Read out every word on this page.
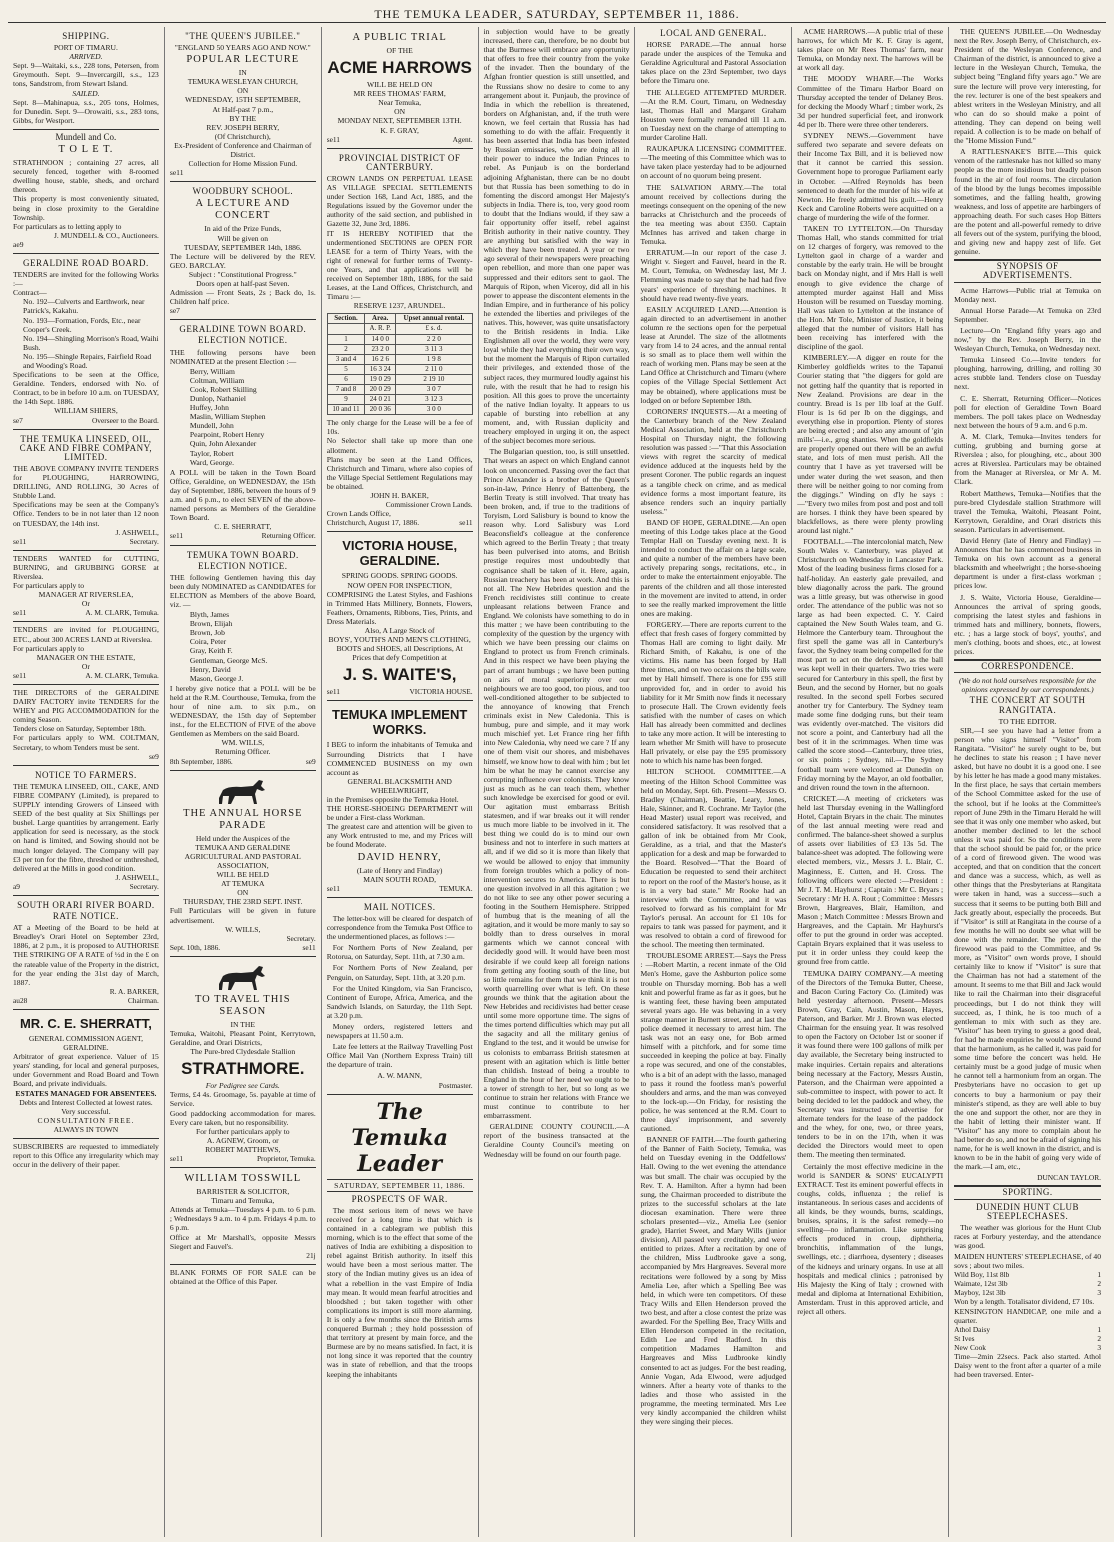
THE TEMUKA LEADER, SATURDAY, SEPTEMBER 11, 1886.
SHIPPING.
PORT OF TIMARU.
ARRIVED.
Sept. 9—Waitaki, s.s., 228 tons, Petersen, from Greymouth. Sept. 9—Invercargill, s.s., 123 tons, Sandstrom, from Stewart Island.
SAILED.
Sept. 8—Mahinapua, s.s., 205 tons, Holmes, for Dunedin. Sept. 9—Orowaiti, s.s., 283 tons, Gibbs, for Westport.
Mundell and Co.
T O L E T.
STRATHNOON ; containing 27 acres, all securely fenced, together with 8-roomed dwelling house, stable, sheds, and orchard thereon.
This property is most conveniently situated, being in close proximity to the Geraldine Township.
For particulars as to letting apply to
J. MUNDELL & CO., Auctioneers.
ae9
GERALDINE ROAD BOARD.
TENDERS are invited for the following Works :—
Contract—
No. 192—Culverts and Earthwork, near Patrick's, Kakahu.
No. 193—Formation, Fords, Etc., near Cooper's Creek.
No. 194—Shingling Morrison's Road, Waihi Bush.
No. 195—Shingle Repairs, Fairfield Road and Wooding's Road.
Specifications to be seen at the Office, Geraldine. Tenders, endorsed with No. of Contract, to be in before 10 a.m. on TUESDAY, the 14th Sept. 1886.
WILLIAM SHIERS,
se7	Overseer to the Board.
THE TEMUKA LINSEED, OIL, CAKE AND FIBRE COMPANY, LIMITED.
THE ABOVE COMPANY INVITE TENDERS for PLOUGHING, HARROWING, DRILLING, AND ROLLING, 30 Acres of Stubble Land.
Specifications may be seen at the Company's Office. Tenders to be in not later than 12 noon on TUESDAY, the 14th inst.
J. ASHWELL,
se11	Secretary.
TENDERS WANTED for CUTTING, BURNING, and GRUBBING GORSE at Riverslea.
For particulars apply to
MANAGER AT RIVERSLEA,
Or
se11	A. M. CLARK, Temuka.
TENDERS are invited for PLOUGHING, ETC., about 300 ACRES LAND at Riverslea.
For particulars apply to
MANAGER ON THE ESTATE,
Or
se11	A. M. CLARK, Temuka.
THE DIRECTORS of the GERALDINE DAIRY FACTORY invite TENDERS for the WHEY and PIG ACCOMMODATION for the coming Season.
Tenders close on Saturday, September 18th.
For particulars apply to WM. COLTMAN, Secretary, to whom Tenders must be sent.
se9
NOTICE TO FARMERS.
THE TEMUKA LINSEED, OIL, CAKE, AND FIBRE COMPANY (Limited), is prepared to SUPPLY intending Growers of Linseed with SEED of the best quality at Six Shillings per bushel. Large quantities by arrangement. Early application for seed is necessary, as the stock on hand is limited, and Sowing should not be much longer delayed. The Company will pay £3 per ton for the fibre, threshed or unthreshed, delivered at the Mills in good condition.
J. ASHWELL,
a9	Secretary.
SOUTH ORARI RIVER BOARD.
RATE NOTICE.
AT a Meeting of the Board to be held at Breadley's Orari Hotel on September 23rd, 1886, at 2 p.m., it is proposed to AUTHORISE THE STRIKING OF A RATE of ½d in the £ on the rateable value of the Property in the district, for the year ending the 31st day of March, 1887.
R. A. BARKER,
au28	Chairman.
MR. C. E. SHERRATT,
GENERAL COMMISSION AGENT, GERALDINE.
Arbitrator of great experience. Valuer of 15 years' standing, for local and general purposes, under Government and Road Board and Town Board, and private individuals.
ESTATES MANAGED FOR ABSENTEES.
Debts and Interest Collected at lowest rates. Very successful.
CONSULTATION FREE.
ALWAYS IN TOWN
SUBSCRIBERS are requested to immediately report to this Office any irregularity which may occur in the delivery of their paper.
"THE QUEEN'S JUBILEE."
"ENGLAND 50 YEARS AGO AND NOW."
POPULAR LECTURE
IN
TEMUKA WESLEYAN CHURCH,
ON
WEDNESDAY, 15TH SEPTEMBER,
At Half-past 7 p.m.,
BY THE
REV. JOSEPH BERRY,
(Of Christchurch),
Ex-President of Conference and Chairman of District.
Collection for Home Mission Fund.
se11
WOODBURY SCHOOL.
A LECTURE AND CONCERT
In aid of the Prize Funds,
Will be given on
TUESDAY, SEPTEMBER 14th, 1886.
The Lecture will be delivered by the REV. GEO. BARCLAY.
Subject : "Constitutional Progress."
Doors open at half-past Seven.
Admission — Front Seats, 2s ; Back do, 1s. Children half price.
se7
GERALDINE TOWN BOARD.
ELECTION NOTICE.
THE following persons have been NOMINATED at the present Election :—
Berry, William
Coltman, William
Cook, Robert Skilling
Dunlop, Nathaniel
Huffey, John
Maslin, William Stephen
Mundell, John
Pearpoint, Robert Henry
Quin, John Alexander
Taylor, Robert
Ward, George.
A POLL will be taken in the Town Board Office, Geraldine, on WEDNESDAY, the 15th day of September, 1886, between the hours of 9 a.m. and 6 p.m., to elect SEVEN of the above-named persons as Members of the Geraldine Town Board.
C. E. SHERRATT,
se11	Returning Officer.
TEMUKA TOWN BOARD.
ELECTION NOTICE.
THE following Gentlemen having this day been duly NOMINATED as CANDIDATES for ELECTION as Members of the above Board, viz. —
Blyth, James
Brown, Elijah
Brown, Job
Coira, Peter
Gray, Keith F.
Gentleman, George McS.
Henry, David
Mason, George J.
I hereby give notice that a POLL will be be held at the R.M. Courthouse, Temuka, from the hour of nine a.m. to six p.m., on WEDNESDAY, the 15th day of September inst., for the ELECTION of FIVE of the above Gentlemen as Members on the said Board.
WM. WILLS,
Returning Officer.
8th September, 1886.	se9
THE ANNUAL HORSE PARADE
Held under the Auspices of the
TEMUKA AND GERALDINE AGRICULTURAL AND PASTORAL ASSOCIATION,
WILL BE HELD
AT TEMUKA
ON
THURSDAY, THE 23RD SEPT. INST.
Full Particulars will be given in future advertisement.
W. WILLS,
Secretary.
Sept. 10th, 1886.	se11
TO TRAVEL THIS SEASON
IN THE
Temuka, Waitohi, Pleasant Point, Kerrytown, Geraldine, and Orari Districts,
The Pure-bred Clydesdale Stallion
STRATHMORE.
For Pedigree see Cards.
Terms, £4 4s. Groomage, 5s. payable at time of Service.
Good paddocking accommodation for mares. Every care taken, but no responsibility.
For further particulars apply to
A. AGNEW, Groom, or
ROBERT MATTHEWS,
se11	Proprietor, Temuka.
WILLIAM TOSSWILL
BARRISTER & SOLICITOR,
Timaru and Temuka,
Attends at Temuka—Tuesdays 4 p.m. to 6 p.m. ; Wednesdays 9 a.m. to 4 p.m. Fridays 4 p.m. to 6 p.m.
Office at Mr Marshall's, opposite Messrs Siegert and Fauvel's.
21j
BLANK FORMS OF FOR SALE can be obtained at the Office of this Paper.
A PUBLIC TRIAL
OF THE
ACME HARROWS
WILL BE HELD ON
MR REES THOMAS' FARM,
Near Temuka,
ON
MONDAY NEXT, SEPTEMBER 13TH.
K. F. GRAY,
se11	Agent.
PROVINCIAL DISTRICT OF CANTERBURY.
CROWN LANDS ON PERPETUAL LEASE AS VILLAGE SPECIAL SETTLEMENTS under Section 168, Land Act, 1885, and the Regulations issued by the Governor under the authority of the said section, and published in Gazette 32, June 3rd, 1886.
IT IS HEREBY NOTIFIED that the undermentioned SECTIONS are OPEN FOR LEASE for a term of Thirty Years, with the right of renewal for further terms of Twenty-one Years, and that applications will be received on September 18th, 1886, for the said Leases, at the Land Offices, Christchurch, and Timaru :—
RESERVE 1237, ARUNDEL.
Section.	Area.	Upset annual rental.
	A. R. P.	£ s. d.
1	14 0 0	2 2 0
2	23 2 0	3 11 3
3 and 4	16 2 6	1 9 8
5	16 3 24	2 11 0
6	19 0 29	2 19 10
7 and 8	20 0 29	3 0 7
9	24 0 21	3 12 3
10 and 11	20 0 36	3 0 0
The only charge for the Lease will be a fee of 10s.
No Selector shall take up more than one allotment.
Plans may be seen at the Land Offices, Christchurch and Timaru, where also copies of the Village Special Settlement Regulations may be obtained.
JOHN H. BAKER,
Commissioner Crown Lands.
Crown Lands Office,
Christchurch, August 17, 1886.	se11
VICTORIA HOUSE, GERALDINE.
SPRING GOODS. SPRING GOODS.
NOW OPEN FOR INSPECTION,
COMPRISING the Latest Styles, and Fashions in Trimmed Hats Millinery, Bonnets, Flowers, Feathers, Ornaments, Ribbons, Ties, Prints, and Dress Materials.
Also, A Large Stock of
BOYS', YOUTH'S AND MEN'S CLOTHING,
BOOTS and SHOES, all Descriptions, At Prices that defy Competition at
J. S. WAITE'S,
se11	VICTORIA HOUSE.
TEMUKA IMPLEMENT WORKS.
I BEG to inform the inhabitants of Temuka and Surrounding Districts that I have COMMENCED BUSINESS on my own account as
GENERAL BLACKSMITH AND WHEELWRIGHT,
in the Premises opposite the Temuka Hotel.
THE HORSE-SHOEING DEPARTMENT will be under a First-class Workman.
The greatest care and attention will be given to any Work entrusted to me, and my Prices will be found Moderate.
DAVID HENRY,
(Late of Henry and Findlay)
MAIN SOUTH ROAD,
se11	TEMUKA.
MAIL NOTICES.

The letter-box will be cleared for despatch of correspondence from the Temuka Post Office to the undermentioned places, as follows :—

For Northern Ports of New Zealand, per Rotorua, on Saturday, Sept. 11th, at 7.30 a.m.

For Northern Ports of New Zealand, per Penguin, on Saturday, Sept. 11th, at 3.20 p.m.

For the United Kingdom, via San Francisco, Continent of Europe, Africa, America, and the Sandwich Islands, on Saturday, the 11th Sept. at 3.20 p.m.

Money orders, registered letters and newspapers at 11.50 a.m.

Late fee letters at the Railway Travelling Post Office Mail Van (Northern Express Train) till the departure of train.

A. W. MANN,
Postmaster.
The Temuka Leader
SATURDAY, SEPTEMBER 11, 1886.
PROSPECTS OF WAR.

The most serious item of news we have received for a long time is that which is contained in a cablegram we publish this morning, which is to the effect that some of the natives of India are exhibiting a disposition to rebel against British authority. In itself this would have been a most serious matter. The story of the Indian mutiny gives us an idea of what a rebellion in the vast Empire of India may mean. It would mean fearful atrocities and bloodshed ; but taken together with other complications its import is still more alarming. It is only a few months since the British arms conquered Burmah ; they hold possession of that territory at present by main force, and the Burmese are by no means satisfied. In fact, it is not long since it was reported that the country was in state of rebellion, and that the troops keeping the inhabitants

in subjection would have to be greatly increased, there can, therefore, be no doubt but that the Burmese will embrace any opportunity that offers to free their country from the yoke of the invader. Then the boundary of the Afghan frontier question is still unsettled, and the Russians show no desire to come to any arrangement about it. Punjaub, the province of India in which the rebellion is threatened, borders on Afghanistan, and, if the truth were known, we feel certain that Russia has had something to do with the affair. Frequently it has been asserted that India has been infested by Russian emissaries, who are doing all in their power to induce the Indian Princes to rebel. As Punjaub is on the borderland adjoining Afghanistan, there can be no doubt but that Russia has been something to do in fomenting the discord amongst Her Majesty's subjects in India. There is, too, very good room to doubt that the Indians would, if they saw a fair opportunity offer itself, rebel against British authority in their native country. They are anything but satisfied with the way in which they have been treated. A year or two ago several of their newspapers were preaching open rebellion, and more than one paper was suppressed and their editors sent to gaol. The Marquis of Ripon, when Viceroy, did all in his power to appease the discontent elements in the Indian Empire, and in furtherance of his policy he extended the liberties and privileges of the natives. This, however, was quite unsatisfactory to the British residents in India. Like Englishmen all over the world, they were very loyal while they had everything their own way, but the moment the Marquis of Ripon curtailed their privileges, and extended those of the subject races, they murmured loudly against his rule, with the result that he had to resign his position. All this goes to prove the uncertainty of the native Indian loyalty. It appears to us capable of bursting into rebellion at any moment, and, with Russian duplicity and treachery employed in urging it on, the aspect of the subject becomes more serious.

The Bulgarian question, too, is still unsettled. That wears an aspect on which England cannot look on unconcerned. Passing over the fact that Prince Alexander is a brother of the Queen's son-in-law, Prince Henry of Battenberg, the Berlin Treaty is still involved. That treaty has been broken, and, if true to the traditions of Toryism, Lord Salisbury is bound to know the reason why. Lord Salisbury was Lord Beaconsfield's colleague at the conference which agreed to the Berlin Treaty ; that treaty has been pulverised into atoms, and British prestige requires most undoubtedly that cognisance shall be taken of it. Here, again, Russian treachery has been at work. And this is not all. The New Hebrides question and the French recidivistes still continue to create unpleasant relations between France and England. We colonists have something to do in this matter ; we have been contributing to the complexity of the question by the urgency with which we have been pressing our claims on England to protect us from French criminals. And in this respect we have been playing the part of arrant humbugs ; we have been putting on airs of moral superiority over our neighbours we are too good, too pious, and too well-conditioned altogether to be subjected to the annoyance of knowing that French criminals exist in New Caledonia. This is humbug, pure and simple, and it may work much mischief yet. Let France ring her fifth into New Caledonia, why need we care ? If any one of them visit our shores, and misbehaves himself, we know how to deal with him ; but let him be what he may he cannot exercise any corrupting influence over colonists. They know just as much as he can teach them, whether such knowledge be exercised for good or evil. Our agitation must embarrass British statesmen, and if war breaks out it will render us much more liable to be involved in it. The best thing we could do is to mind our own business and not to interfere in such matters at all, and if we did so it is more than likely that we would be allowed to enjoy that immunity from foreign troubles which a policy of non-intervention secures to America. There is but one question involved in all this agitation ; we do not like to see any other power securing a footing in the Southern Hemisphere. Stripped of humbug that is the meaning of all the agitation, and it would be more manly to say so boldly than to dress ourselves in moral garments which we cannot conceal with decidedly good will. It would have been most desirable if we could keep all foreign nations from getting any footing south of the line, but so little remains for them that we think it is not worth quarrelling over what is left. On these grounds we think that the agitation about the New Hebrides and recidivistes had better cease until some more opportune time. The signs of the times portend difficulties which may put all the sagacity and all the military genius of England to the test, and it would be unwise for us colonists to embarrass British statesmen at present with an agitation which is little better than childish. Instead of being a trouble to England in the hour of her need we ought to be a tower of strength to her, but so long as we continue to strain her relations with France we must continue to contribute to her embarrassment.

GERALDINE COUNTY COUNCIL.—A report of the business transacted at the Geraldine County Council's meeting on Wednesday will be found on our fourth page.

LOCAL AND GENERAL.

HORSE PARADE.—The annual horse parade under the auspices of the Temuka and Geraldine Agricultural and Pastoral Association takes place on the 23rd September, two days before the Timaru one.

THE ALLEGED ATTEMPTED MURDER.—At the R.M. Court, Timaru, on Wednesday last, Thomas Hall and Margaret Graham Houston were formally remanded till 11 a.m. on Tuesday next on the charge of attempting to murder Caroline Hall.

RAUKAPUKA LICENSING COMMITTEE.—The meeting of this Committee which was to have taken place yesterday had to be adjourned on account of no quorum being present.

THE SALVATION ARMY.—The total amount received by collections during the meetings consequent on the opening of the new barracks at Christchurch and the proceeds of the tea meeting was about £350. Captain McInnes has arrived and taken charge in Temuka.

ERRATUM.—In our report of the case J. Wright v. Siegert and Fauvel, heard in the R. M. Court, Temuka, on Wednesday last, Mr J. Flemming was made to say that he had had five years' experience of threshing machines. It should have read twenty-five years.

EASILY ACQUIRED LAND.—Attention is again directed to an advertisement in another column re the sections open for the perpetual lease at Arundel. The size of the allotments vary from 14 to 24 acres, and the annual rental is so small as to place them well within the reach of working men. Plans may be seen at the Land Office at Christchurch and Timaru (where copies of the Village Special Settlement Act may be obtained), where applications must be lodged on or before September 18th.

CORONERS' INQUESTS.—At a meeting of the Canterbury branch of the New Zealand Medical Association, held at the Christchurch Hospital on Thursday night, the following resolution was passed :—"That this Association views with regret the scarcity of medical evidence adduced at the inquests held by the present Coroner. The public regards an inquest as a tangible check on crime, and as medical evidence forms a most important feature, its absence renders such an inquiry partially useless."

BAND OF HOPE, GERALDINE.—An open meeting of this Lodge takes place at the Good Templar Hall on Tuesday evening next. It is intended to conduct the affair on a large scale, and quite a number of the members have been actively preparing songs, recitations, etc., in order to make the entertainment enjoyable. The parents of the children and all those interested in the movement are invited to attend, in order to see the really marked improvement the little ones are making.

FORGERY.—There are reports current to the effect that fresh cases of forgery committed by Thomas Hall are coming to light daily. Mr Richard Smith, of Kakahu, is one of the victims. His name has been forged by Hall three times, and on two occasions the bills were met by Hall himself. There is one for £95 still unprovided for, and in order to avoid his liability for it Mr Smith now finds it necessary to prosecute Hall. The Crown evidently feels satisfied with the number of cases on which Hall has already been committed and declines to take any more action. It will be interesting to learn whether Mr Smith will have to prosecute Hall privately, or else pay the £95 promissory note to which his name has been forged.

HILTON SCHOOL COMMITTEE.—A meeting of the Hilton School Committee was held on Monday, Sept. 6th. Present—Messrs O. Bradley (Chairman), Beattie, Leary, Jones, Hale, Skinner, and R. Cochrane. Mr Taylor (the Head Master) usual report was received, and considered satisfactory. It was resolved that a gallon of ink be obtained from Mr Cook, Geraldine, as a trial, and that the Master's application for a desk and map be forwarded to the Board. Resolved—"That the Board of Education be requested to send their architect to report on the roof of the Master's house, as it is in a very bad state." Mr Rooke had an interview with the Committee, and it was resolved to forward as his complaint for Mr Taylor's perusal. An account for £1 10s for repairs to tank was passed for payment, and it was resolved to obtain a cord of firewood for the school. The meeting then terminated.

TROUBLESOME ARREST.—Says the Press : —Robert Martin, a recent inmate of the Old Men's Home, gave the Ashburton police some trouble on Thursday morning. Bob has a well knit and powerful frame as far as it goes, but he is wanting feet, these having been amputated several years ago. He was behaving in a very strange manner in Burnett street, and at last the police deemed it necessary to arrest him. The task was not an easy one, for Bob armed himself with a pitchfork, and for some time succeeded in keeping the police at bay. Finally a rope was secured, and one of the constables, who is a bit of an adept with the lasso, managed to pass it round the footless man's powerful shoulders and arms, and the man was conveyed to the lock-up.—On Friday, for resisting the police, he was sentenced at the R.M. Court to three days' imprisonment, and severely cautioned.

BANNER OF FAITH.—The fourth gathering of the Banner of Faith Society, Temuka, was held on Tuesday evening in the Oddfellows' Hall. Owing to the wet evening the attendance was but small. The chair was occupied by the Rev. T. A. Hamilton. After a hymn had been sung, the Chairman proceeded to distribute the prizes to the successful scholars at the late diocesan examination. There were three scholars presented—viz., Amelia Lee (senior grade), Harriet Sweet, and Mary Wills (junior division), All passed very creditably, and were entitled to prizes. After a recitation by one of the children, Miss Ludbrooke gave a song, accompanied by Mrs Hargreaves. Several more recitations were followed by a song by Miss Amelia Lee, after which a Spelling Bee was held, in which were ten competitors. Of these Tracy Wills and Ellen Henderson proved the two best, and after a close contest the prize was awarded. For the Spelling Bee, Tracy Wills and Ellen Henderson competed in the recitation, Edith Lee and Fred Radford. In this competition Madames Hamilton and Hargreaves and Miss Ludbrooke kindly consented to act as judges. For the best reading, Annie Vogan, Ada Elwood, were adjudged winners. After a hearty vote of thanks to the ladies and those who assisted in the programme, the meeting terminated. Mrs Lee very kindly accompanied the children whilst they were singing their pieces.

ACME HARROWS.—A public trial of these harrows, for which Mr K. F. Gray is agent, takes place on Mr Rees Thomas' farm, near Temuka, on Monday next. The harrows will be at work all day.

THE MOODY WHARF.—The Works Committee of the Timaru Harbor Board on Thursday accepted the tender of Delaney Bros. for decking the Moody Wharf ; timber work, 2s 3d per hundred superficial feet, and ironwork 4d per lb. There were three other tenderers.

SYDNEY NEWS.—Government have suffered two separate and severe defeats on their Income Tax Bill, and it is believed now that it cannot be carried this session. Government hope to prorogue Parliament early in October. —Alfred Reynolds has been sentenced to death for the murder of his wife at Newton. He freely admitted his guilt.—Henry Keck and Caroline Roberts were acquitted on a charge of murdering the wife of the former.

TAKEN TO LYTTELTON.—On Thursday Thomas Hall, who stands committed for trial on 12 charges of forgery, was removed to the Lyttelton gaol in charge of a warder and constable by the early train. He will be brought back on Monday night, and if Mrs Hall is well enough to give evidence the charge of attempted murder against Hall and Miss Houston will be resumed on Tuesday morning. Hall was taken to Lyttelton at the instance of the Hon. Mr Tole, Minister of Justice, it being alleged that the number of visitors Hall has been receiving has interfered with the discipline of the gaol.

KIMBERLEY.—A digger en route for the Kimberley goldfields writes to the Tapanui Courier stating that "the diggers for gold are not getting half the quantity that is reported in New Zealand. Provisions are dear in the country. Bread is 1s per 1lb loaf at the Gulf. Flour is 1s 6d per lb on the diggings, and everything else in proportion. Plenty of stores are being erected ; and also any amount of 'gin mills'—i.e., grog shanties. When the goldfields are properly opened out there will be an awful state, and lots of men must perish. All the country that I have as yet traversed will be under water during the wet season, and then there will be neither going to nor coming from the diggings." Winding on d'ly he says :—"Every two miles from post and post and toll are horses. I think they have been speared by blackfellows, as there were plenty prowling around last night."

FOOTBALL.—The intercolonial match, New South Wales v. Canterbury, was played at Christchurch on Wednesday in Lancaster Park. Most of the leading business firms closed for a half-holiday. An easterly gale prevailed, and blew diagonally across the park. The ground was a little greasy, but was otherwise in good order. The attendance of the public was not so large as had been expected. C. Y. Caird captained the New South Wales team, and G. Helmore the Canterbury team. Throughout the first spell the game was all in Canterbury's favor, the Sydney team being compelled for the most part to act on the defensive, as the ball was kept well in their quarters. Two tries were secured for Canterbury in this spell, the first by Beun, and the second by Horner, but no goals resulted. In the second spell Forbes secured another try for Canterbury. The Sydney team made some fine dodging runs, but their team was evidently over-matched. The visitors did not score a point, and Canterbury had all the best of it in the scrimmages. When time was called the score stood—Canterbury, three tries, or six points ; Sydney, nil.—The Sydney football team were welcomed at Dunedin on Friday morning by the Mayor, an old footballer, and driven round the town in the afternoon.

CRICKET.—A meeting of cricketers was held last Thursday evening in the Wallingford Hotel, Captain Bryars in the chair. The minutes of the last annual meeting were read and confirmed. The balance-sheet showed a surplus of assets over liabilities of £3 13s 5d. The balance-sheet was adopted. The following were elected members, viz., Messrs J. L. Blair, C. Maginness, E. Cutten, and H. Cross. The following officers were elected :—President : Mr J. T. M. Hayhurst ; Captain : Mr C. Bryars ; Secretary : Mr H. A. Rout ; Committee : Messrs Brown, Hargreaves, Blair, Hamilton, and Mason ; Match Committee : Messrs Brown and Hargreaves, and the Captain. Mr Hayhurst's offer to put the ground in order was accepted. Captain Bryars explained that it was useless to put it in order unless they could keep the ground free from cattle.

TEMUKA DAIRY COMPANY.—A meeting of the Directors of the Temuka Butter, Cheese, and Bacon Curing Factory Co. (Limited) was held yesterday afternoon. Present—Messrs Brown, Gray, Cain, Austin, Mason, Hayes, Paterson, and Barker. Mr J. Brown was elected Chairman for the ensuing year. It was resolved to open the Factory on October 1st or sooner if it was found there were 100 gallons of milk per day available, the Secretary being instructed to make inquiries. Certain repairs and alterations being necessary at the Factory, Messrs Austin, Paterson, and the Chairman were appointed a sub-committee to inspect, with power to act. It being decided to let the paddock and whey, the Secretary was instructed to advertise for alternate tenders for the lease of the paddock and the whey, for one, two, or three years, tenders to be in on the 17th, when it was decided the Directors would meet to open them. The meeting then terminated.

Certainly the most effective medicine in the world is SANDER & SONS' EUCALYPTI EXTRACT. Test its eminent powerful effects in coughs, colds, influenza ; the relief is instantaneous. In serious cases and accidents of all kinds, be they wounds, burns, scaldings, bruises, sprains, it is the safest remedy—no swelling—no inflammation. Like surprising effects produced in croup, diphtheria, bronchitis, inflammation of the lungs, swellings, etc. ; diarrhoea, dysentery ; diseases of the kidneys and urinary organs. In use at all hospitals and medical clinics ; patronised by His Majesty the King of Italy ; crowned with medal and diploma at International Exhibition, Amsterdam. Trust in this approved article, and reject all others.

THE QUEEN'S JUBILEE.—On Wednesday next the Rev. Joseph Berry, of Christchurch, ex-President of the Wesleyan Conference, and Chairman of the district, is announced to give a lecture in the Wesleyan Church, Temuka, the subject being "England fifty years ago." We are sure the lecture will prove very interesting, for the rev. lecturer is one of the best speakers and ablest writers in the Wesleyan Ministry, and all who can do so should make a point of attending. They can depend on being well repaid. A collection is to be made on behalf of the "Home Mission Fund."

A RATTLESNAKE'S BITE.—This quick venom of the rattlesnake has not killed so many people as the more insidious but deadly poison found in the air of foul rooms. The circulation of the blood by the lungs becomes impossible sometimes, and the falling health, growing weakness, and loss of appetite are harbingers of approaching death. For such cases Hop Bitters are the potent and all-powerful remedy to drive all fevers out of the system, purifying the blood, and giving new and happy zest of life. Get genuine.

SYNOPSIS OF ADVERTISEMENTS.

Acme Harrows—Public trial at Temuka on Monday next.

Annual Horse Parade—At Temuka on 23rd September.

Lecture—On "England fifty years ago and now," by the Rev. Joseph Berry, in the Wesleyan Church, Temuka, on Wednesday next.

Temuka Linseed Co.—Invite tenders for ploughing, harrowing, drilling, and rolling 30 acres stubble land. Tenders close on Tuesday next.

C. E. Sherratt, Returning Officer—Notices poll for election of Geraldine Town Board members. The poll takes place on Wednesday next between the hours of 9 a.m. and 6 p.m.

A. M. Clark, Temuka—Invites tenders for cutting, grubbing and burning gorse at Riverslea ; also, for ploughing, etc., about 300 acres at Riverslea. Particulars may be obtained from the Manager at Riverslea, or Mr A. M. Clark.

Robert Matthews, Temuka—Notifies that the pure-bred Clydesdale stallion Strathmore will travel the Temuka, Waitohi, Pleasant Point, Kerrytown, Geraldine, and Orari districts this season. Particulars in advertisement.

David Henry (late of Henry and Findlay) —Announces that he has commenced business in Temuka on his own account as a general blacksmith and wheelwright ; the horse-shoeing department is under a first-class workman ; prices low.

J. S. Waite, Victoria House, Geraldine—Announces the arrival of spring goods, comprising the latest styles and fashions in trimmed hats and millinery, bonnets, flowers, etc. ; has a large stock of boys', youths', and men's clothing, boots and shoes, etc., at lowest prices.

CORRESPONDENCE.
(We do not hold ourselves responsible for the opinions expressed by our correspondents.)
THE CONCERT AT SOUTH RANGITATA.
TO THE EDITOR.

SIR,—I see you have had a letter from a person who signs himself "Visitor" from Rangitata. "Visitor" he surely ought to be, but he declines to state his reason ; I have never asked, but have no doubt it is a good one. I see by his letter he has made a good many mistakes. In the first place, he says that certain members of the School Committee asked for the use of the school, but if he looks at the Committee's report of June 29th in the Timaru Herald he will see that it was only one member who asked, but another member declined to let the school unless it was paid for. So the conditions were that the school should be paid for, or the price of a cord of firewood given. The wood was accepted, and that on condition that the concert and dance was a success, which, as well as other things that the Presbyterians at Rangitata were taken in hand, was a success—such a success that it seems to be putting both Bill and Jack greatly about, especially the proceeds. But if "Visitor" is still at Rangitata in the course of a few months he will no doubt see what will be done with the remainder. The price of the firewood was paid to the Committee, and 9s more, as "Visitor" own words prove, I should certainly like to know if "Visitor" is sure that the Chairman has not had a statement of the amount. It seems to me that Bill and Jack would like to rail the Chairman into their disgraceful proceedings, but I do not think they will succeed, as, I think, he is too much of a gentleman to mix with such as they are. "Visitor" has been trying to guess a good deal, for had he made enquiries he would have found that the harmonium, as he called it, was paid for some time before the concert was held. He certainly must be a good judge of music when he cannot tell a harmonium from an organ. The Presbyterians have no occasion to get up concerts to buy a harmonium or pay their minister's stipend, as they are well able to buy the one and support the other, nor are they in the habit of letting their minister want. If "Visitor" has any more to complain about he had better do so, and not be afraid of signing his name, for he is well known in the district, and is known to be in the habit of going very wide of the mark.—I am, etc.,

DUNCAN TAYLOR.
SPORTING.
DUNEDIN HUNT CLUB STEEPLECHASES.

The weather was glorious for the Hunt Club races at Forbury yesterday, and the attendance was good.

MAIDEN HUNTERS' STEEPLECHASE, of 40 sovs ; about two miles.
Wild Boy, 11st 8lb	1
Waimate, 12st 3lb	2
Mayboy, 12st 3lb	3
Won by a length. Totalisator dividend, £7 10s.
KENSINGTON HANDICAP, one mile and a quarter.
Athol Daisy	1
St Ives	2
New Cook	3
Time—2min 22secs. Pack also started. Athol Daisy went to the front after a quarter of a mile had been traversed. Enter-
